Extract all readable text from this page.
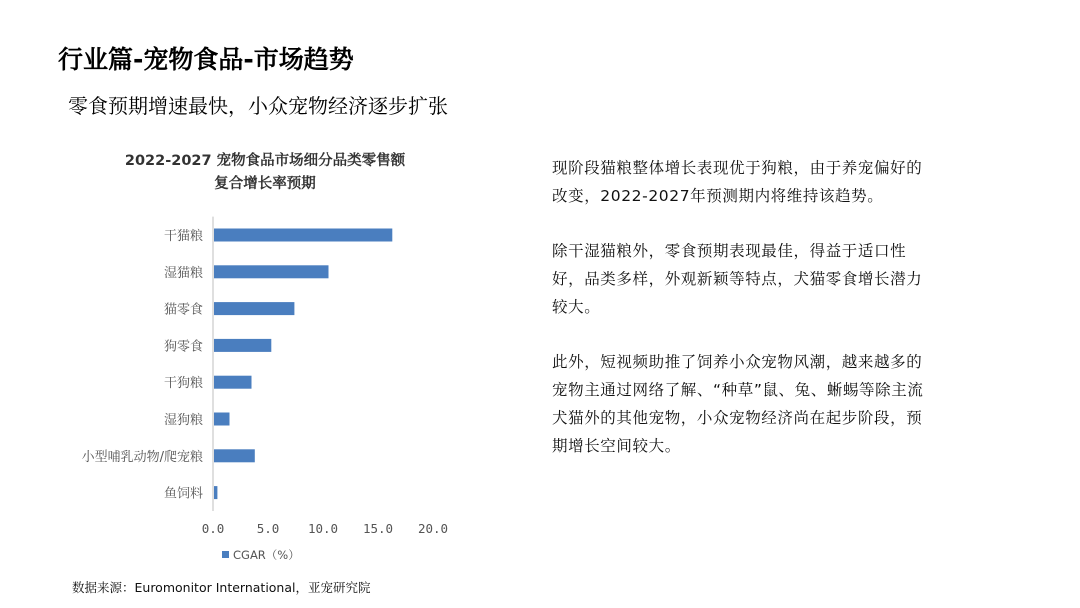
行业篇-宠物食品-市场趋势
零食预期增速最快，小众宠物经济逐步扩张
2022-2027 宠物食品市场细分品类零售额
复合增长率预期
干猫粮
湿猫粮
猫零食
狗零食
干狗粮
湿狗粮
小型哺乳动物/爬宠粮
鱼饲料
0.0	5.0 10.0 15.0 20.0
CGAR（%）

现阶段猫粮整体增长表现优于狗粮，由于养宠偏好的改变，2022-2027年预测期内将维持该趋势。

除干湿猫粮外，零食预期表现最佳，得益于适口性好，品类多样，外观新颖等特点，犬猫零食增长潜力较大。

此外，短视频助推了饲养小众宠物风潮，越来越多的宠物主通过网络了解、“种草”鼠、兔、蜥蜴等除主流犬猫外的其他宠物，小众宠物经济尚在起步阶段，预期增长空间较大。

数据来源：Euromonitor International，亚宠研究院
